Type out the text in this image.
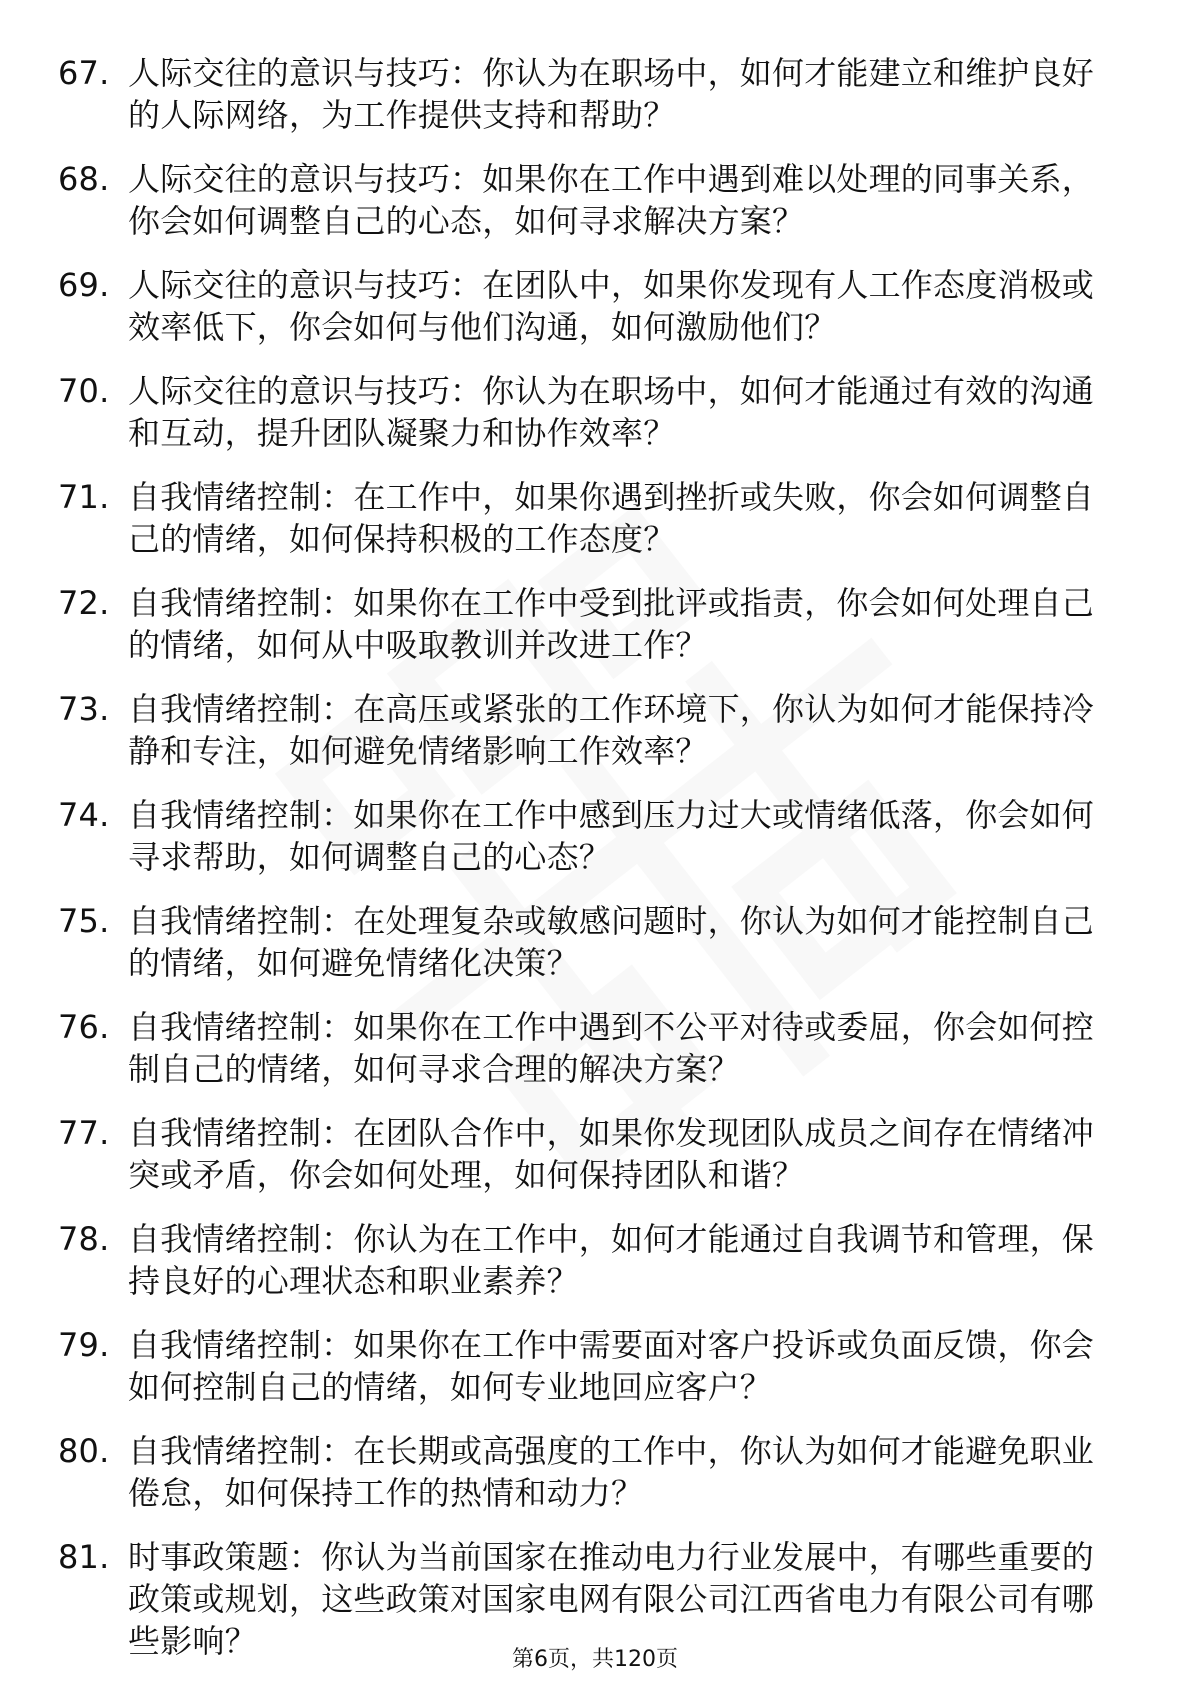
67. 人际交往的意识与技巧：你认为在职场中，如何才能建立和维护良好的人际网络，为工作提供支持和帮助？
68. 人际交往的意识与技巧：如果你在工作中遇到难以处理的同事关系，你会如何调整自己的心态，如何寻求解决方案？
69. 人际交往的意识与技巧：在团队中，如果你发现有人工作态度消极或效率低下，你会如何与他们沟通，如何激励他们？
70. 人际交往的意识与技巧：你认为在职场中，如何才能通过有效的沟通和互动，提升团队凝聚力和协作效率？
71. 自我情绪控制：在工作中，如果你遇到挫折或失败，你会如何调整自己的情绪，如何保持积极的工作态度？
72. 自我情绪控制：如果你在工作中受到批评或指责，你会如何处理自己的情绪，如何从中吸取教训并改进工作？
73. 自我情绪控制：在高压或紧张的工作环境下，你认为如何才能保持冷静和专注，如何避免情绪影响工作效率？
74. 自我情绪控制：如果你在工作中感到压力过大或情绪低落，你会如何寻求帮助，如何调整自己的心态？
75. 自我情绪控制：在处理复杂或敏感问题时，你认为如何才能控制自己的情绪，如何避免情绪化决策？
76. 自我情绪控制：如果你在工作中遇到不公平对待或委屈，你会如何控制自己的情绪，如何寻求合理的解决方案？
77. 自我情绪控制：在团队合作中，如果你发现团队成员之间存在情绪冲突或矛盾，你会如何处理，如何保持团队和谐？
78. 自我情绪控制：你认为在工作中，如何才能通过自我调节和管理，保持良好的心理状态和职业素养？
79. 自我情绪控制：如果你在工作中需要面对客户投诉或负面反馈，你会如何控制自己的情绪，如何专业地回应客户？
80. 自我情绪控制：在长期或高强度的工作中，你认为如何才能避免职业倦怠，如何保持工作的热情和动力？
81. 时事政策题：你认为当前国家在推动电力行业发展中，有哪些重要的政策或规划，这些政策对国家电网有限公司江西省电力有限公司有哪些影响？	第6页，共120页
